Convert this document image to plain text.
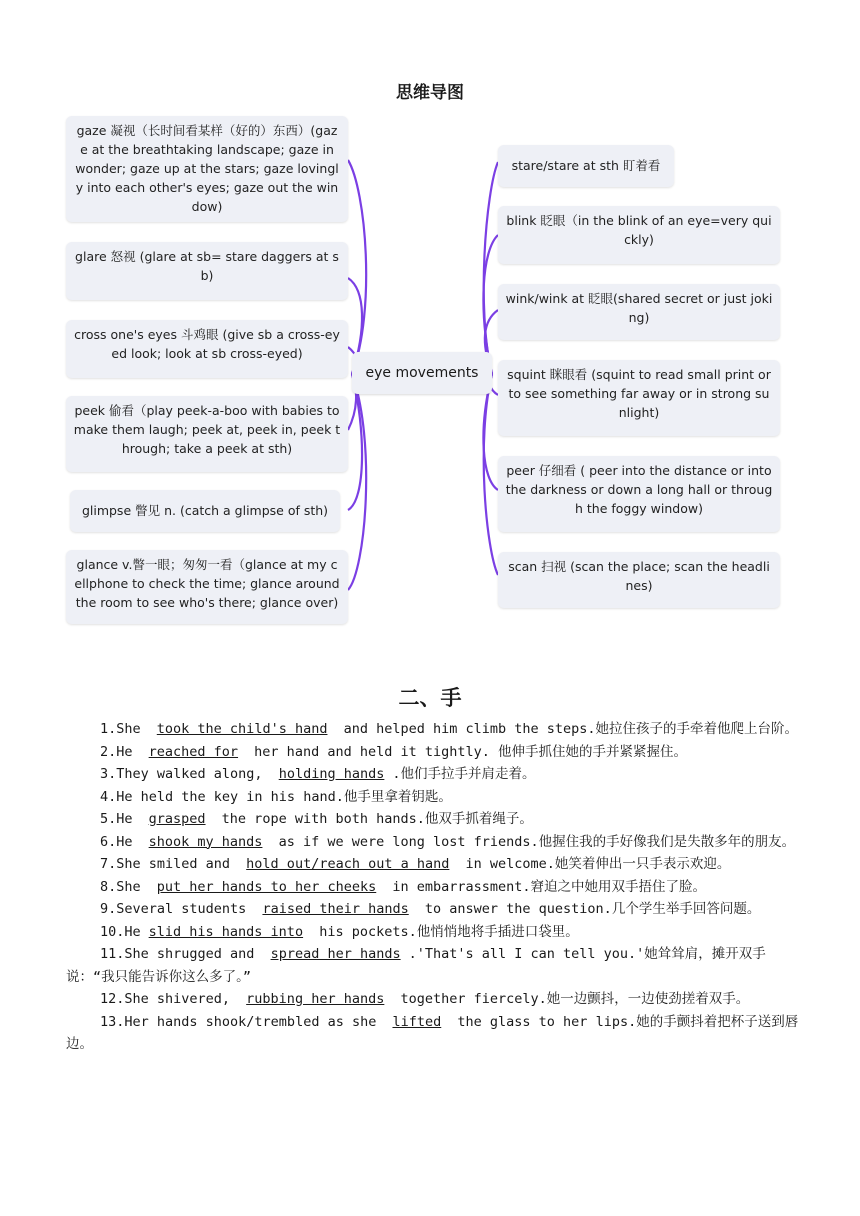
思维导图
gaze 凝视（长时间看某样（好的）东西）(gaze at the breathtaking landscape; gaze in wonder; gaze up at the stars; gaze lovingly into each other's eyes; gaze out the window)
glare 怒视 (glare at sb= stare daggers at sb)
cross one's eyes 斗鸡眼 (give sb a cross-eyed look; look at sb cross-eyed)
peek 偷看（play peek-a-boo with babies to make them laugh; peek at, peek in, peek through; take a peek at sth)
glimpse 瞥见 n. (catch a glimpse of sth)
glance v.瞥一眼；匆匆一看（glance at my cellphone to check the time; glance around the room to see who's there; glance over)
eye movements
stare/stare at sth 盯着看
blink 眨眼（in the blink of an eye=very quickly)
wink/wink at 眨眼(shared secret or just joking)
squint 眯眼看 (squint to read small print or to see something far away or in strong sunlight)
peer 仔细看 ( peer into the distance or into the darkness or down a long hall or through the foggy window)
scan 扫视 (scan the place; scan the headlines)
二、手

1.She took the child's hand and helped him climb the steps.她拉住孩子的手牵着他爬上台阶。

2.He reached for her hand and held it tightly. 他伸手抓住她的手并紧紧握住。

3.They walked along, holding hands .他们手拉手并肩走着。

4.He held the key in his hand.他手里拿着钥匙。

5.He grasped the rope with both hands.他双手抓着绳子。

6.He shook my hands as if we were long lost friends.他握住我的手好像我们是失散多年的朋友。

7.She smiled and hold out/reach out a hand in welcome.她笑着伸出一只手表示欢迎。

8.She put her hands to her cheeks in embarrassment.窘迫之中她用双手捂住了脸。

9.Several students raised their hands to answer the question.几个学生举手回答问题。

10.He slid his hands into his pockets.他悄悄地将手插进口袋里。

11.She shrugged and spread her hands .'That's all I can tell you.'她耸耸肩，摊开双手说：“我只能告诉你这么多了。”

12.She shivered, rubbing her hands together fiercely.她一边颤抖，一边使劲搓着双手。

13.Her hands shook/trembled as she lifted the glass to her lips.她的手颤抖着把杯子送到唇边。
